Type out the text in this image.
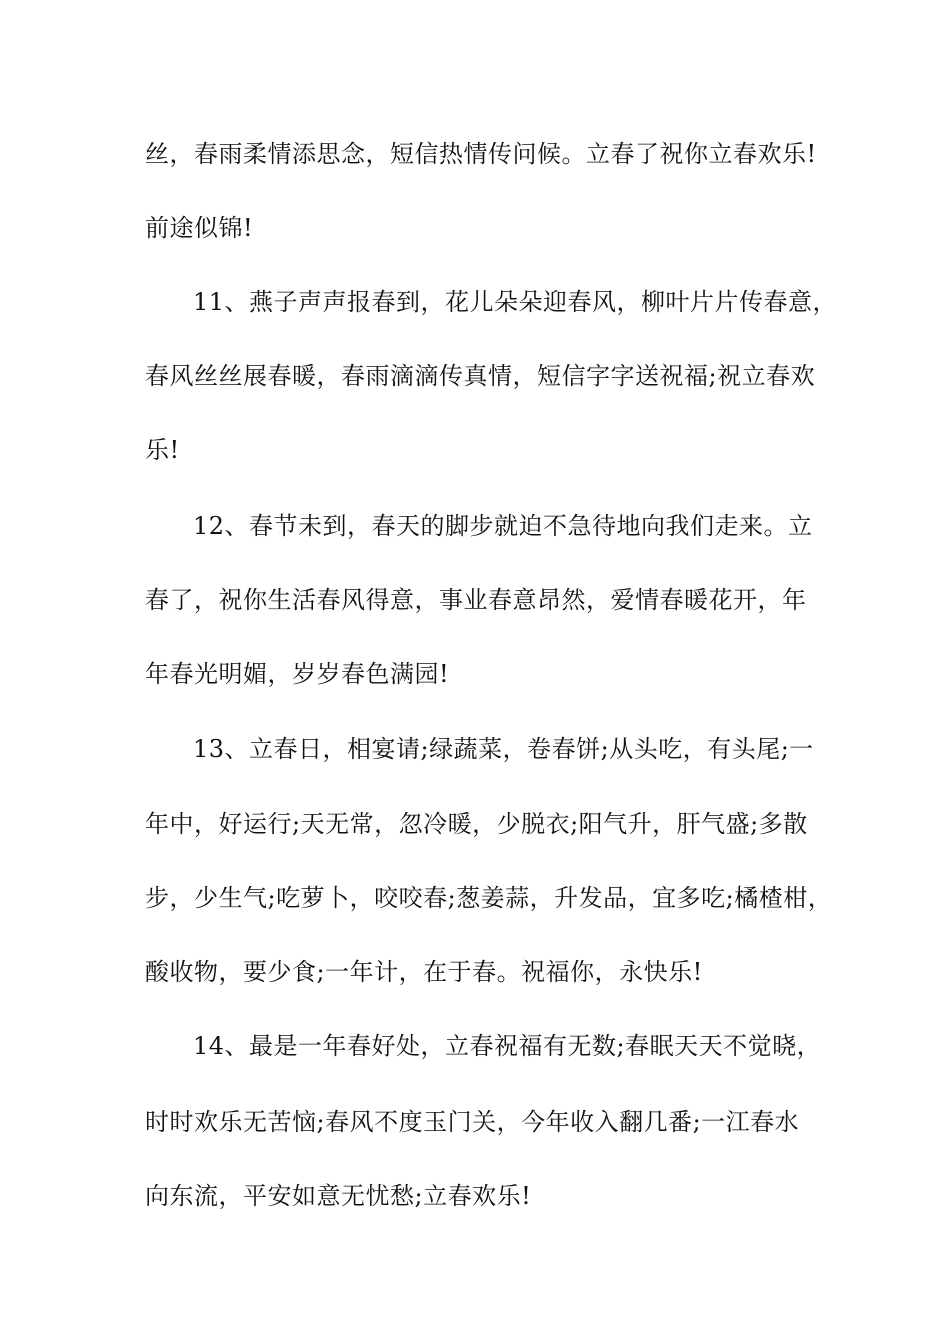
丝，春雨柔情添思念，短信热情传问候。立春了祝你立春欢乐!
前途似锦!
11、燕子声声报春到，花儿朵朵迎春风，柳叶片片传春意，
春风丝丝展春暖，春雨滴滴传真情，短信字字送祝福;祝立春欢
乐!
12、春节未到，春天的脚步就迫不急待地向我们走来。立
春了，祝你生活春风得意，事业春意昂然，爱情春暖花开，年
年春光明媚，岁岁春色满园!
13、立春日，相宴请;绿蔬菜，卷春饼;从头吃，有头尾;一
年中，好运行;天无常，忽冷暖，少脱衣;阳气升，肝气盛;多散
步，少生气;吃萝卜，咬咬春;葱姜蒜，升发品，宜多吃;橘楂柑，
酸收物，要少食;一年计，在于春。祝福你，永快乐!
14、最是一年春好处，立春祝福有无数;春眠天天不觉晓，
时时欢乐无苦恼;春风不度玉门关，今年收入翻几番;一江春水
向东流，平安如意无忧愁;立春欢乐!
